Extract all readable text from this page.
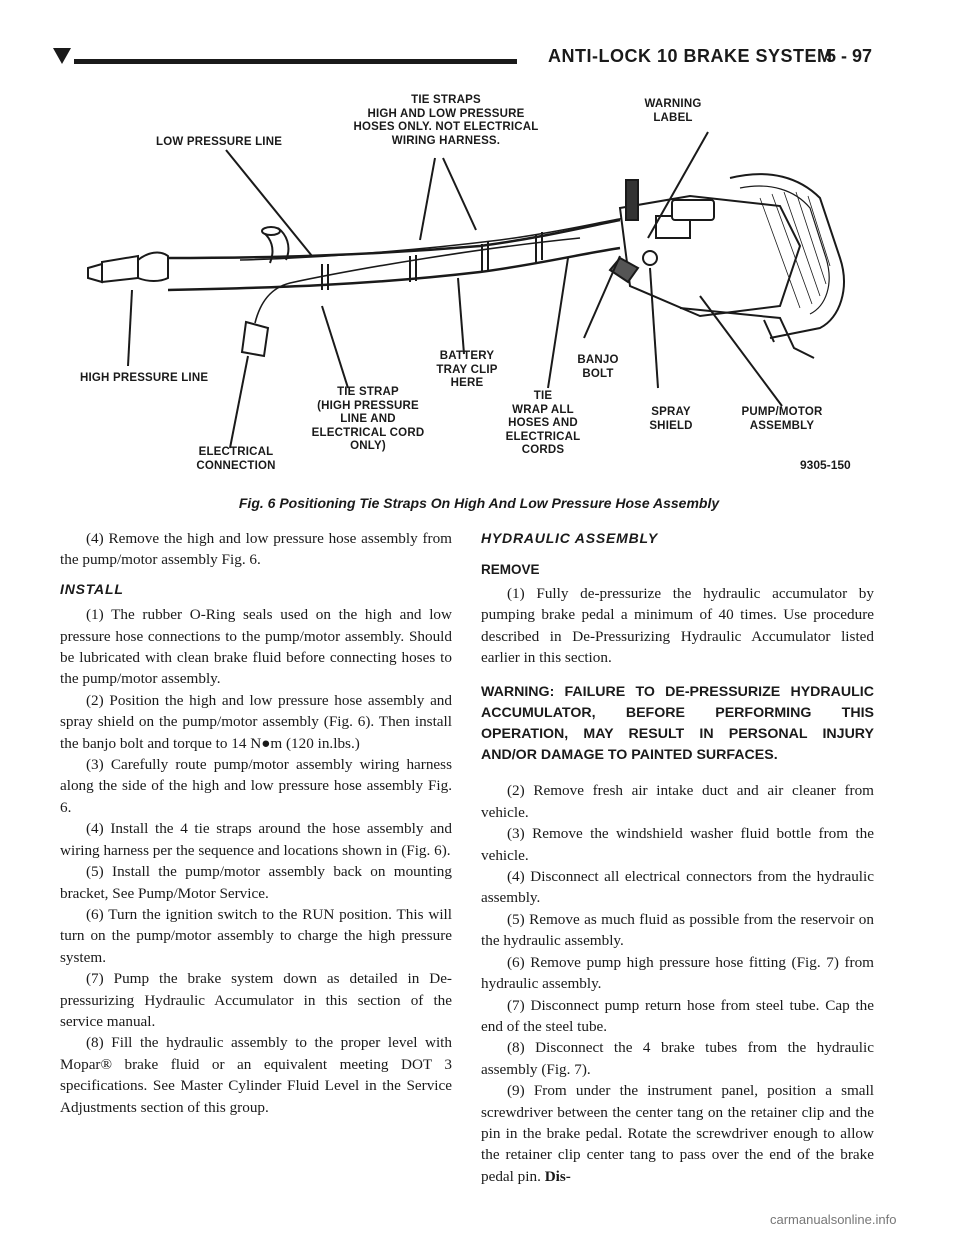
ANTI-LOCK 10 BRAKE SYSTEM
5 - 97
TIE STRAPS
HIGH AND LOW PRESSURE
HOSES ONLY. NOT ELECTRICAL
WIRING HARNESS.
WARNING
LABEL
LOW PRESSURE LINE
HIGH PRESSURE LINE
TIE STRAP
(HIGH PRESSURE
LINE AND
ELECTRICAL CORD
ONLY)
BATTERY
TRAY CLIP
HERE
BANJO
BOLT
TIE
WRAP ALL
HOSES AND
ELECTRICAL
CORDS
SPRAY
SHIELD
PUMP/MOTOR
ASSEMBLY
ELECTRICAL
CONNECTION	9305-150
Fig. 6 Positioning Tie Straps On High And Low Pressure Hose Assembly

(4) Remove the high and low pressure hose assembly from the pump/motor assembly Fig. 6.

INSTALL

(1) The rubber O-Ring seals used on the high and low pressure hose connections to the pump/motor assembly. Should be lubricated with clean brake fluid before connecting hoses to the pump/motor assembly.

(2) Position the high and low pressure hose assembly and spray shield on the pump/motor assembly (Fig. 6). Then install the banjo bolt and torque to 14 N●m (120 in.lbs.)

(3) Carefully route pump/motor assembly wiring harness along the side of the high and low pressure hose assembly Fig. 6.

(4) Install the 4 tie straps around the hose assembly and wiring harness per the sequence and locations shown in (Fig. 6).

(5) Install the pump/motor assembly back on mounting bracket, See Pump/Motor Service.

(6) Turn the ignition switch to the RUN position. This will turn on the pump/motor assembly to charge the high pressure system.

(7) Pump the brake system down as detailed in De-pressurizing Hydraulic Accumulator in this section of the service manual.

(8) Fill the hydraulic assembly to the proper level with Mopar® brake fluid or an equivalent meeting DOT 3 specifications. See Master Cylinder Fluid Level in the Service Adjustments section of this group.

HYDRAULIC ASSEMBLY
REMOVE

(1) Fully de-pressurize the hydraulic accumulator by pumping brake pedal a minimum of 40 times. Use procedure described in De-Pressurizing Hydraulic Accumulator listed earlier in this section.

WARNING: FAILURE TO DE-PRESSURIZE HYDRAULIC ACCUMULATOR, BEFORE PERFORMING THIS OPERATION, MAY RESULT IN PERSONAL INJURY AND/OR DAMAGE TO PAINTED SURFACES.

(2) Remove fresh air intake duct and air cleaner from vehicle.

(3) Remove the windshield washer fluid bottle from the vehicle.

(4) Disconnect all electrical connectors from the hydraulic assembly.

(5) Remove as much fluid as possible from the reservoir on the hydraulic assembly.

(6) Remove pump high pressure hose fitting (Fig. 7) from hydraulic assembly.

(7) Disconnect pump return hose from steel tube. Cap the end of the steel tube.

(8) Disconnect the 4 brake tubes from the hydraulic assembly (Fig. 7).

(9) From under the instrument panel, position a small screwdriver between the center tang on the retainer clip and the pin in the brake pedal. Rotate the screwdriver enough to allow the retainer clip center tang to pass over the end of the brake pedal pin. Dis-

carmanualsonline.info
